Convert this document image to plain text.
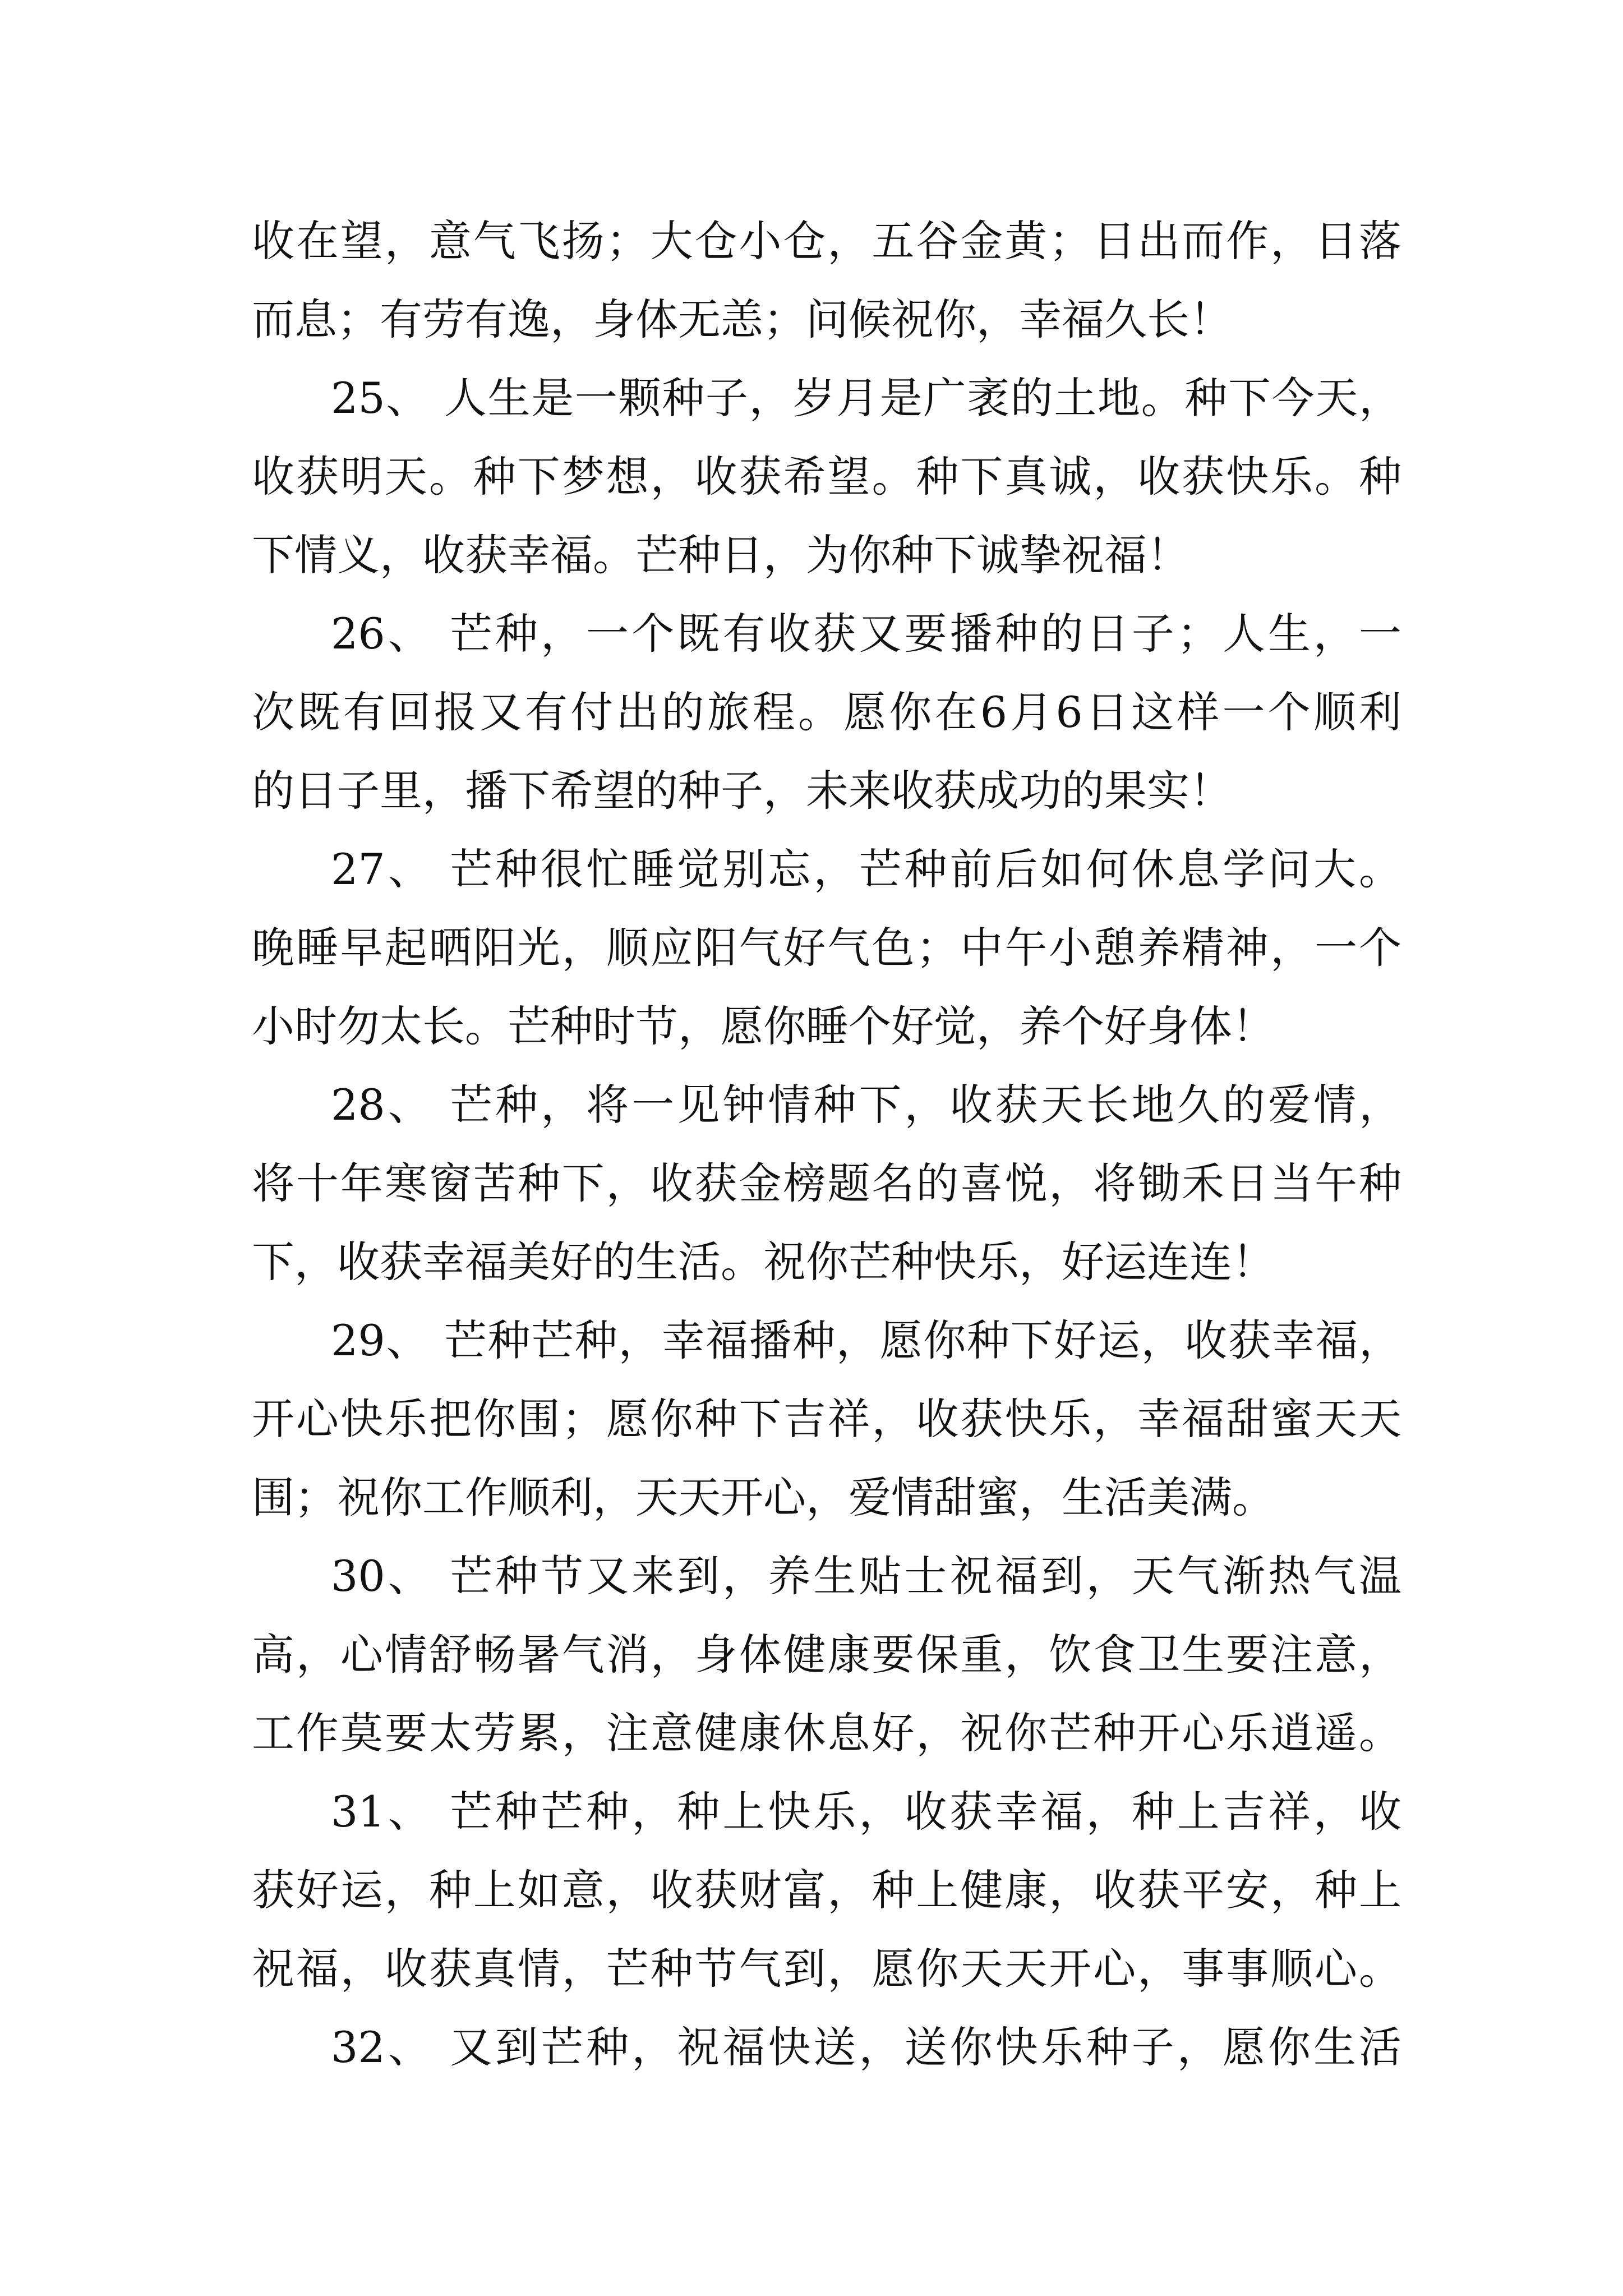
收在望，意气飞扬；大仓小仓，五谷金黄；日出而作，日落
而息；有劳有逸，身体无恙；问候祝你，幸福久长！
25、 人生是一颗种子，岁月是广袤的土地。种下今天，
收获明天。种下梦想，收获希望。种下真诚，收获快乐。种
下情义，收获幸福。芒种日，为你种下诚挚祝福！
26、 芒种，一个既有收获又要播种的日子；人生，一
次既有回报又有付出的旅程。愿你在6月6日这样一个顺利
的日子里，播下希望的种子，未来收获成功的果实！
27、 芒种很忙睡觉别忘，芒种前后如何休息学问大。
晚睡早起晒阳光，顺应阳气好气色；中午小憩养精神，一个
小时勿太长。芒种时节，愿你睡个好觉，养个好身体！
28、 芒种，将一见钟情种下，收获天长地久的爱情，
将十年寒窗苦种下，收获金榜题名的喜悦，将锄禾日当午种
下，收获幸福美好的生活。祝你芒种快乐，好运连连！
29、 芒种芒种，幸福播种，愿你种下好运，收获幸福，
开心快乐把你围；愿你种下吉祥，收获快乐，幸福甜蜜天天
围；祝你工作顺利，天天开心，爱情甜蜜，生活美满。
30、 芒种节又来到，养生贴士祝福到，天气渐热气温
高，心情舒畅暑气消，身体健康要保重，饮食卫生要注意，
工作莫要太劳累，注意健康休息好，祝你芒种开心乐逍遥。
31、 芒种芒种，种上快乐，收获幸福，种上吉祥，收
获好运，种上如意，收获财富，种上健康，收获平安，种上
祝福，收获真情，芒种节气到，愿你天天开心，事事顺心。
32、 又到芒种，祝福快送，送你快乐种子，愿你生活
